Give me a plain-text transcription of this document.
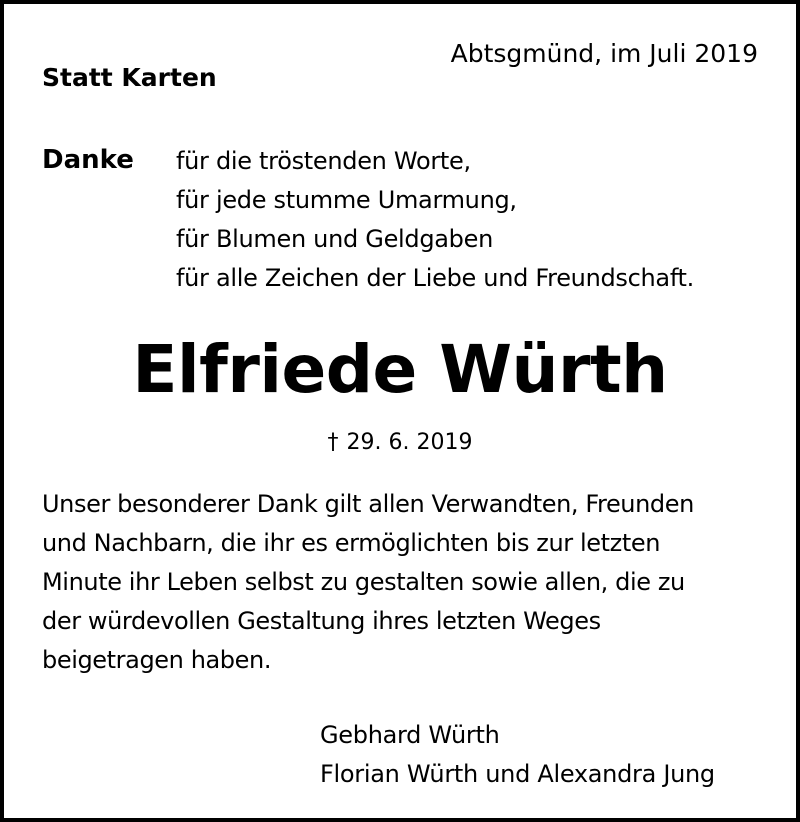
Abtsgmünd, im Juli 2019
Statt Karten
Danke für die tröstenden Worte,
für jede stumme Umarmung,
für Blumen und Geldgaben
für alle Zeichen der Liebe und Freundschaft.
Elfriede Würth
† 29. 6. 2019
Unser besonderer Dank gilt allen Verwandten, Freunden
und Nachbarn, die ihr es ermöglichten bis zur letzten
Minute ihr Leben selbst zu gestalten sowie allen, die zu
der würdevollen Gestaltung ihres letzten Weges
beigetragen haben.
Gebhard Würth
Florian Würth und Alexandra Jung
